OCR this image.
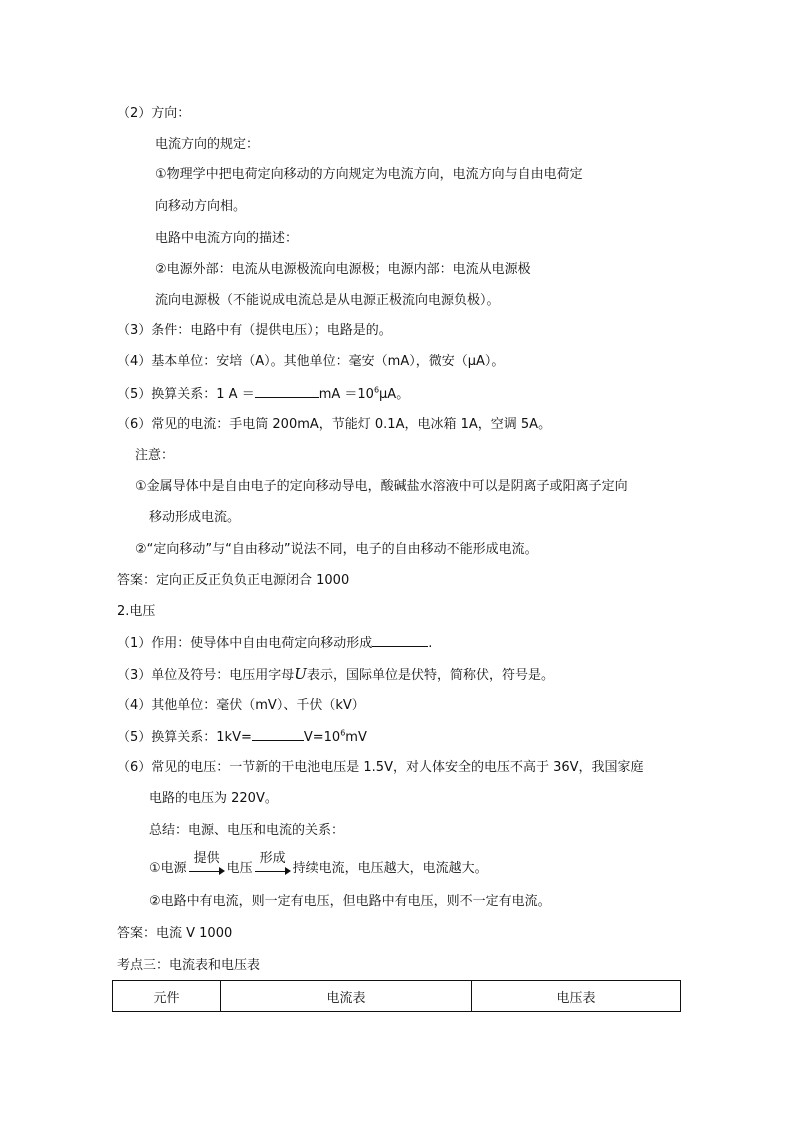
（2）方向：
电流方向的规定：
①物理学中把电荷定向移动的方向规定为电流方向，电流方向与自由电荷定
向移动方向相。
电路中电流方向的描述：
②电源外部：电流从电源极流向电源极；电源内部：电流从电源极
流向电源极（不能说成电流总是从电源正极流向电源负极）。
（3）条件：电路中有（提供电压）；电路是的。
（4）基本单位：安培（A）。其他单位：毫安（mA），微安（μA）。
（5）换算关系：1 A ＝	mA $=10^6\mu A$。
（6）常见的电流：手电筒 200mA，节能灯 0.1A，电冰箱 1A，空调 5A。
注意：
①金属导体中是自由电子的定向移动导电，酸碱盐水溶液中可以是阴离子或阳离子定向
移动形成电流。
②“定向移动”与“自由移动”说法不同，电子的自由移动不能形成电流。
答案：定向正反正负负正电源闭合 1000
2.电压
（1）作用：使导体中自由电荷定向移动形成	.
（3）单位及符号：电压用字母U表示，国际单位是伏特，简称伏，符号是。
（4）其他单位：毫伏（mV）、千伏（kV）
（5）换算关系：1kV=	$V=10^6mV$
（6）常见的电压：一节新的干电池电压是 1.5V，对人体安全的电压不高于 36V，我国家庭
电路的电压为 220V。
总结：电源、电压和电流的关系：
①电源
提供
电压
形成
持续电流，电压越大，电流越大。
②电路中有电流，则一定有电压，但电路中有电压，则不一定有电流。
答案：电流 V 1000
考点三：电流表和电压表
元件	电流表	电压表
